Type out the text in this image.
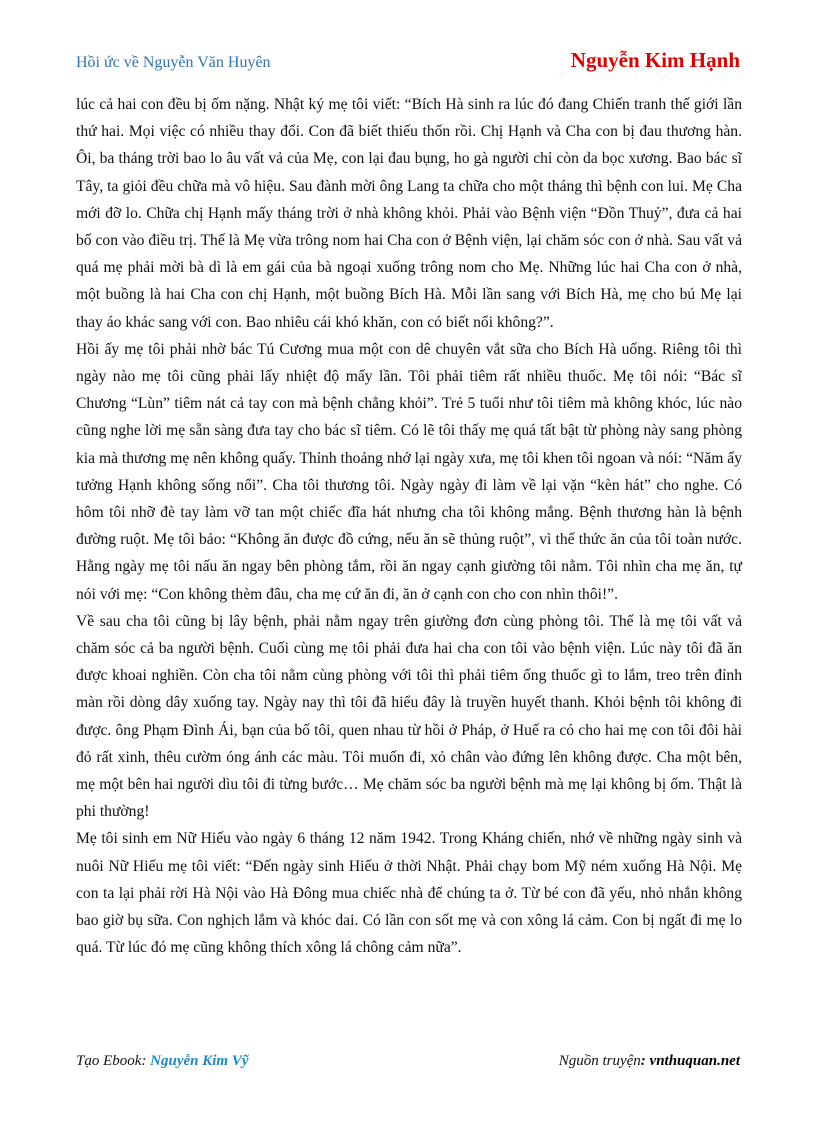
Hồi ức về Nguyễn Văn Huyên	Nguyễn Kim Hạnh

lúc cả hai con đều bị ốm nặng. Nhật ký mẹ tôi viết: “Bích Hà sinh ra lúc đó đang Chiến tranh thế giới lần thứ hai. Mọi việc có nhiều thay đổi. Con đã biết thiếu thốn rồi. Chị Hạnh và Cha con bị đau thương hàn. Ôi, ba tháng trời bao lo âu vất vả của Mẹ, con lại đau bụng, ho gà người chỉ còn da bọc xương. Bao bác sĩ Tây, ta giỏi đều chữa mà vô hiệu. Sau đành mời ông Lang ta chữa cho một tháng thì bệnh con lui. Mẹ Cha mới đỡ lo. Chữa chị Hạnh mấy tháng trời ở nhà không khỏi. Phải vào Bệnh viện “Đồn Thuỷ”, đưa cả hai bố con vào điều trị. Thế là Mẹ vừa trông nom hai Cha con ở Bệnh viện, lại chăm sóc con ở nhà. Sau vất vả quá mẹ phải mời bà dì là em gái của bà ngoại xuống trông nom cho Mẹ. Những lúc hai Cha con ở nhà, một buồng là hai Cha con chị Hạnh, một buồng Bích Hà. Mỗi lần sang với Bích Hà, mẹ cho bú Mẹ lại thay áo khác sang với con. Bao nhiêu cái khó khăn, con có biết nổi không?”.

Hồi ấy mẹ tôi phải nhờ bác Tú Cương mua một con dê chuyên vắt sữa cho Bích Hà uống. Riêng tôi thì ngày nào mẹ tôi cũng phải lấy nhiệt độ mấy lần. Tôi phải tiêm rất nhiều thuốc. Mẹ tôi nói: “Bác sĩ Chương “Lùn” tiêm nát cả tay con mà bệnh chẳng khỏi”. Trẻ 5 tuổi như tôi tiêm mà không khóc, lúc nào cũng nghe lời mẹ sẵn sàng đưa tay cho bác sĩ tiêm. Có lẽ tôi thấy mẹ quá tất bật từ phòng này sang phòng kia mà thương mẹ nên không quấy. Thỉnh thoảng nhớ lại ngày xưa, mẹ tôi khen tôi ngoan và nói: “Năm ấy tưởng Hạnh không sống nổi”. Cha tôi thương tôi. Ngày ngày đi làm về lại vặn “kèn hát” cho nghe. Có hôm tôi nhỡ đè tay làm vỡ tan một chiếc đĩa hát nhưng cha tôi không mắng. Bệnh thương hàn là bệnh đường ruột. Mẹ tôi bảo: “Không ăn được đồ cứng, nếu ăn sẽ thủng ruột”, vì thế thức ăn của tôi toàn nước. Hằng ngày mẹ tôi nấu ăn ngay bên phòng tắm, rồi ăn ngay cạnh giường tôi nằm. Tôi nhìn cha mẹ ăn, tự nói với mẹ: “Con không thèm đâu, cha mẹ cứ ăn đi, ăn ở cạnh con cho con nhìn thôi!”.

Về sau cha tôi cũng bị lây bệnh, phải nằm ngay trên giường đơn cùng phòng tôi. Thế là mẹ tôi vất vả chăm sóc cả ba người bệnh. Cuối cùng mẹ tôi phải đưa hai cha con tôi vào bệnh viện. Lúc này tôi đã ăn được khoai nghiền. Còn cha tôi nằm cùng phòng với tôi thì phải tiêm ống thuốc gì to lắm, treo trên đỉnh màn rồi dòng dây xuống tay. Ngày nay thì tôi đã hiểu đây là truyền huyết thanh. Khỏi bệnh tôi không đi được. ông Phạm Đình Ái, bạn của bố tôi, quen nhau từ hồi ở Pháp, ở Huế ra có cho hai mẹ con tôi đôi hài đỏ rất xinh, thêu cườm óng ánh các màu. Tôi muốn đi, xỏ chân vào đứng lên không được. Cha một bên, mẹ một bên hai người dìu tôi đi từng bước… Mẹ chăm sóc ba người bệnh mà mẹ lại không bị ốm. Thật là phi thường!

Mẹ tôi sinh em Nữ Hiếu vào ngày 6 tháng 12 năm 1942. Trong Kháng chiến, nhớ về những ngày sinh và nuôi Nữ Hiếu mẹ tôi viết: “Đến ngày sinh Hiếu ở thời Nhật. Phải chạy bom Mỹ ném xuống Hà Nội. Mẹ con ta lại phải rời Hà Nội vào Hà Đông mua chiếc nhà để chúng ta ở. Từ bé con đã yếu, nhỏ nhắn không bao giờ bụ sữa. Con nghịch lắm và khóc dai. Có lần con sốt mẹ và con xông lá cảm. Con bị ngất đi mẹ lo quá. Từ lúc đó mẹ cũng không thích xông lá chông cảm nữa”.

Tạo Ebook: Nguyễn Kim Vỹ	Nguồn truyện: vnthuquan.net
